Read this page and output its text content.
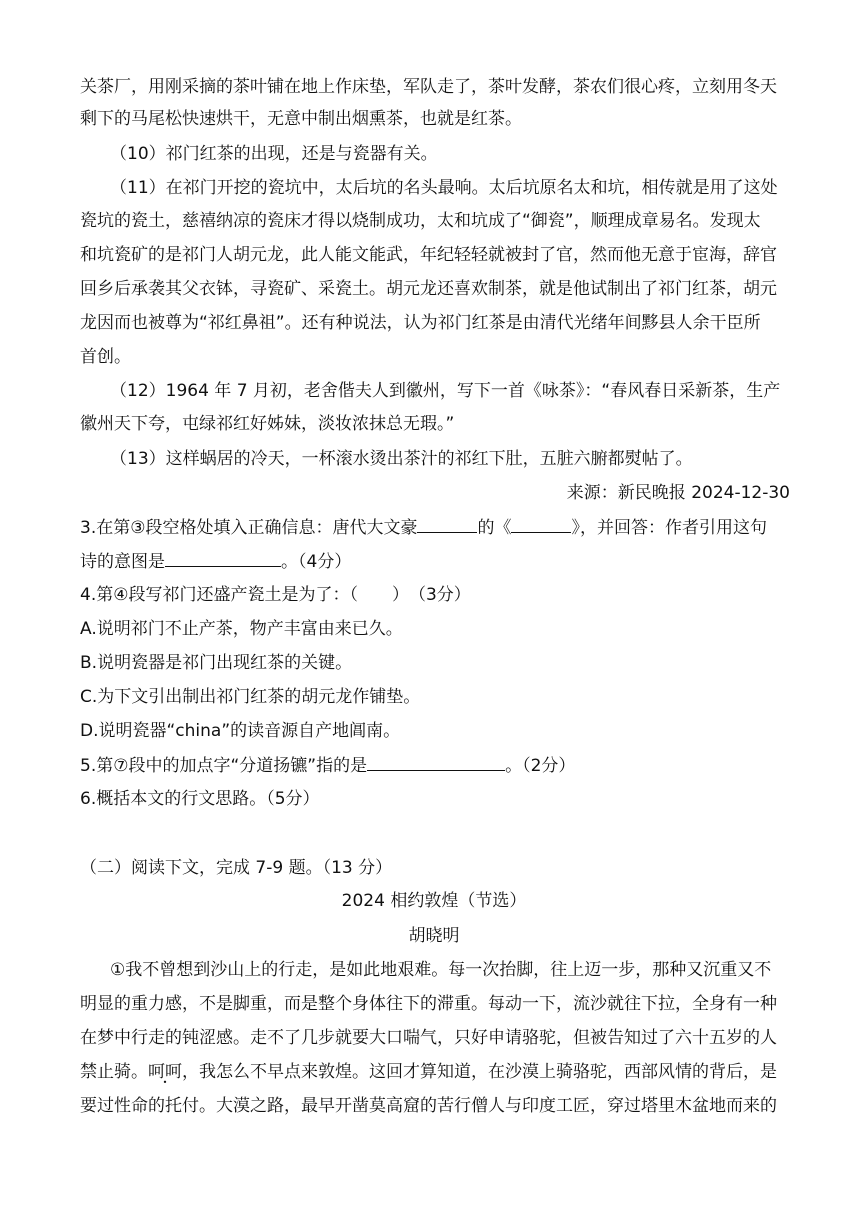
关茶厂，用刚采摘的茶叶铺在地上作床垫，军队走了，茶叶发酵，茶农们很心疼，立刻用冬天
剩下的马尾松快速烘干，无意中制出烟熏茶，也就是红茶。
（10）祁门红茶的出现，还是与瓷器有关。
（11）在祁门开挖的瓷坑中，太后坑的名头最响。太后坑原名太和坑，相传就是用了这处
瓷坑的瓷土，慈禧纳凉的瓷床才得以烧制成功，太和坑成了“御瓷”，顺理成章易名。发现太
和坑瓷矿的是祁门人胡元龙，此人能文能武，年纪轻轻就被封了官，然而他无意于宦海，辞官
回乡后承袭其父衣钵，寻瓷矿、采瓷土。胡元龙还喜欢制茶，就是他试制出了祁门红茶，胡元
龙因而也被尊为“祁红鼻祖”。还有种说法，认为祁门红茶是由清代光绪年间黟县人余干臣所
首创。
（12）1964 年 7 月初，老舍偕夫人到徽州，写下一首《咏茶》：“春风春日采新茶，生产
徽州天下夸，屯绿祁红好姊妹，淡妆浓抹总无瑕。”
（13）这样蜗居的冷天，一杯滚水烫出茶汁的祁红下肚，五脏六腑都熨帖了。
来源：新民晚报 2024-12-30
3.在第③段空格处填入正确信息：唐代大文豪	的《	》，并回答：作者引用这句
诗的意图是	。（4分）
4.第④段写祁门还盛产瓷土是为了：（ ）　（3分）
A.说明祁门不止产茶，物产丰富由来已久。
B.说明瓷器是祁门出现红茶的关键。
C.为下文引出制出祁门红茶的胡元龙作铺垫。
D.说明瓷器“china”的读音源自产地阊南。
5.第⑦段中的加点字“分道扬镳”指的是	。（2分）
6.概括本文的行文思路。（5分）
（二）阅读下文，完成 7-9 题。（13 分）
2024 相约敦煌（节选）
胡晓明
①我不曾想到沙山上的行走，是如此地艰难。每一次抬脚，往上迈一步，那种又沉重又不
明显的重力感，不是脚重，而是整个身体往下的滞重。每动一下，流沙就往下拉，全身有一种
在梦中行走的钝涩感。走不了几步就要大口喘气，只好申请骆驼，但被告知过了六十五岁的人
禁止骑。呵呵，我怎么不早点来敦煌。这回才算知道，在沙漠上骑骆驼，西部风情的背后，是
要过性命的托付。大漠之路，最早开凿莫高窟的苦行僧人与印度工匠，穿过塔里木盆地而来的
